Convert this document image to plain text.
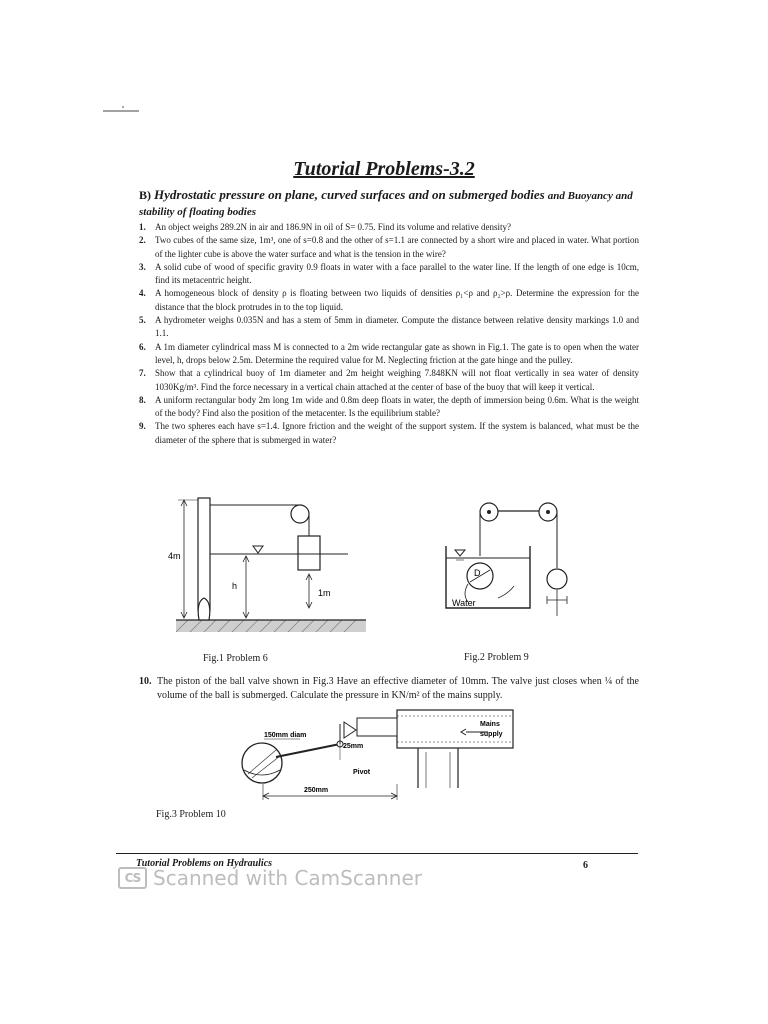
Tutorial Problems-3.2
B) Hydrostatic pressure on plane, curved surfaces and on submerged bodies and Buoyancy and stability of floating bodies
1.	An object weighs 289.2N in air and 186.9N in oil of S= 0.75. Find its volume and relative density?
2.	Two cubes of the same size, 1m³, one of s=0.8 and the other of s=1.1 are connected by a short wire and placed in water. What portion of the lighter cube is above the water surface and what is the tension in the wire?
3.	A solid cube of wood of specific gravity 0.9 floats in water with a face parallel to the water line. If the length of one edge is 10cm, find its metacentric height.
4.	A homogeneous block of density ρ is floating between two liquids of densities ρ₁<ρ and ρ₂>ρ. Determine the expression for the distance that the block protrudes in to the top liquid.
5.	A hydrometer weighs 0.035N and has a stem of 5mm in diameter. Compute the distance between relative density markings 1.0 and 1.1.
6.	A 1m diameter cylindrical mass M is connected to a 2m wide rectangular gate as shown in Fig.1. The gate is to open when the water level, h, drops below 2.5m. Determine the required value for M. Neglecting friction at the gate hinge and the pulley.
7.	Show that a cylindrical buoy of 1m diameter and 2m height weighing 7.848KN will not float vertically in sea water of density 1030Kg/m³. Find the force necessary in a vertical chain attached at the center of base of the buoy that will keep it vertical.
8.	A uniform rectangular body 2m long 1m wide and 0.8m deep floats in water, the depth of immersion being 0.6m. What is the weight of the body? Find also the position of the metacenter. Is the equilibrium stable?
9.	The two spheres each have s=1.4. Ignore friction and the weight of the support system. If the system is balanced, what must be the diameter of the sphere that is submerged in water?
4m
h
1m
D
Water
Fig.1 Problem 6	Fig.2 Problem 9
10. The piston of the ball valve shown in Fig.3 Have an effective diameter of 10mm. The valve just closes when ¼ of the volume of the ball is submerged. Calculate the pressure in KN/m² of the mains supply.
150mm diam
25mm
Pivot
250mm
Mains
supply
Fig.3 Problem 10
Tutorial Problems on Hydraulics	6
CS Scanned with CamScanner
